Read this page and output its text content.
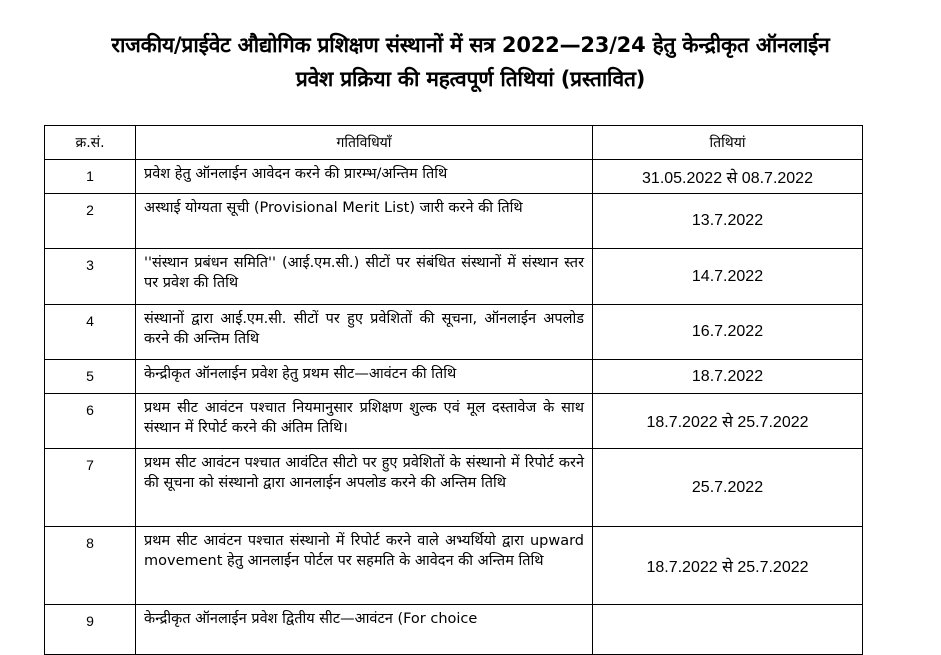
राजकीय/प्राईवेट औद्योगिक प्रशिक्षण संस्थानों में सत्र 2022—23/24 हेतु केन्द्रीकृत ऑनलाईन
प्रवेश प्रक्रिया की महत्वपूर्ण तिथियां (प्रस्तावित)
क्र.सं.	गतिविधियाँ	तिथियां
1	प्रवेश हेतु ऑनलाईन आवेदन करने की प्रारम्भ/अन्तिम तिथि	31.05.2022 से 08.7.2022
2	अस्थाई योग्यता सूची (Provisional Merit List) जारी करने की तिथि	13.7.2022
3	''संस्थान प्रबंधन समिति'' (आई.एम.सी.) सीटों पर संबंधित संस्थानों में संस्थान स्तर पर प्रवेश की तिथि	14.7.2022
4	संस्थानों द्वारा आई.एम.सी. सीटों पर हुए प्रवेशितों की सूचना, ऑनलाईन अपलोड करने की अन्तिम तिथि	16.7.2022
5	केन्द्रीकृत ऑनलाईन प्रवेश हेतु प्रथम सीट—आवंटन की तिथि	18.7.2022
6	प्रथम सीट आवंटन पश्चात नियमानुसार प्रशिक्षण शुल्क एवं मूल दस्तावेज के साथ संस्थान में रिपोर्ट करने की अंतिम तिथि।	18.7.2022 से 25.7.2022
7	प्रथम सीट आवंटन पश्चात आवंटित सीटो पर हुए प्रवेशितों के संस्थानो में रिपोर्ट करने की सूचना को संस्थानो द्वारा आनलाईन अपलोड करने की अन्तिम तिथि	25.7.2022
8	प्रथम सीट आवंटन पश्चात संस्थानो में रिपोर्ट करने वाले अभ्यर्थियो द्वारा upward movement हेतु आनलाईन पोर्टल पर सहमति के आवेदन की अन्तिम तिथि	18.7.2022 से 25.7.2022
9	केन्द्रीकृत ऑनलाईन प्रवेश द्वितीय सीट—आवंटन (For choice	
